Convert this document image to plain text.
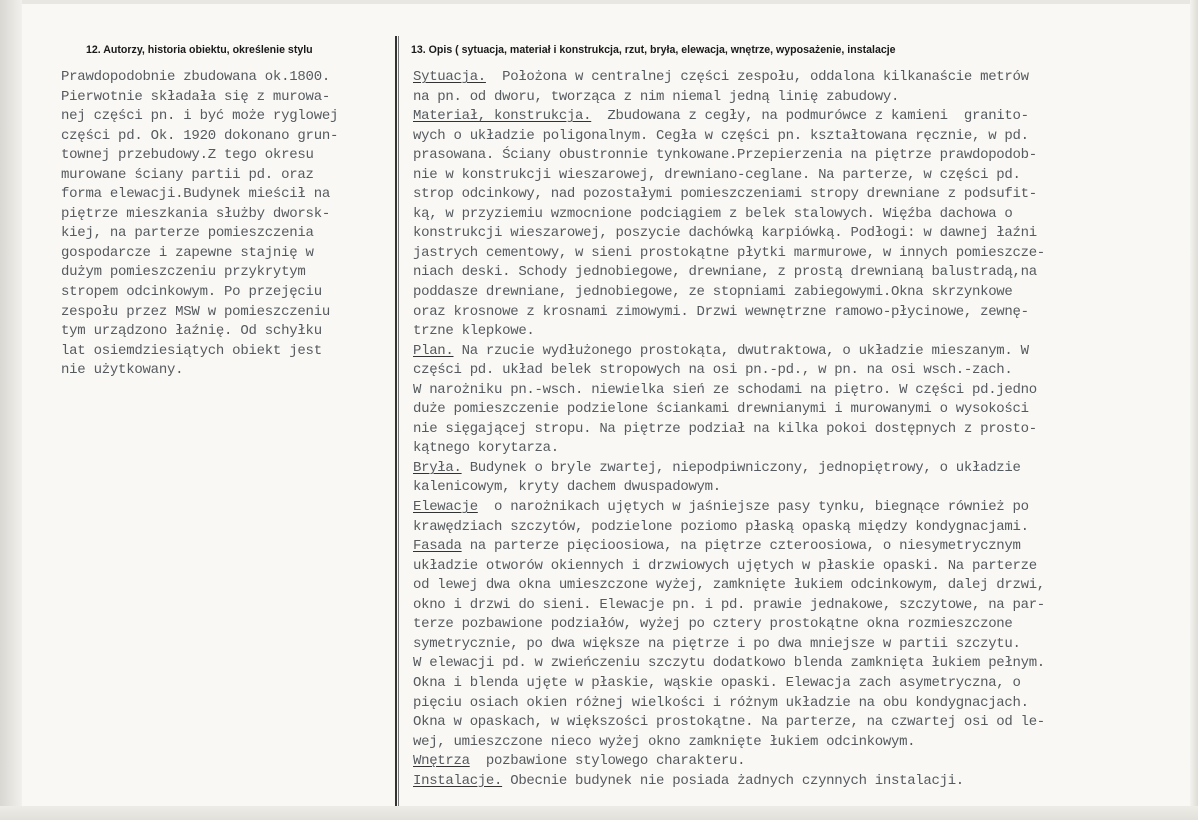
12. Autorzy, historia obiektu, określenie stylu	13. Opis ( sytuacja, materiał i konstrukcja, rzut, bryła, elewacja, wnętrze, wyposażenie, instalacje
Prawdopodobnie zbudowana ok.1800.
Pierwotnie składała się z murowa-
nej części pn. i być może ryglowej
części pd. Ok. 1920 dokonano grun-
townej przebudowy.Z tego okresu
murowane ściany partii pd. oraz
forma elewacji.Budynek mieścił na
piętrze mieszkania służby dworsk-
kiej, na parterze pomieszczenia
gospodarcze i zapewne stajnię w
dużym pomieszczeniu przykrytym
stropem odcinkowym. Po przejęciu
zespołu przez MSW w pomieszczeniu
tym urządzono łaźnię. Od schyłku
lat osiemdziesiątych obiekt jest
nie użytkowany.
Sytuacja.  Położona w centralnej części zespołu, oddalona kilkanaście metrów
na pn. od dworu, tworząca z nim niemal jedną linię zabudowy.
Materiał, konstrukcja.  Zbudowana z cegły, na podmurówce z kamieni  granito-
wych o układzie poligonalnym. Cegła w części pn. kształtowana ręcznie, w pd.
prasowana. Ściany obustronnie tynkowane.Przepierzenia na piętrze prawdopodob-
nie w konstrukcji wieszarowej, drewniano-ceglane. Na parterze, w części pd.
strop odcinkowy, nad pozostałymi pomieszczeniami stropy drewniane z podsufit-
ką, w przyziemiu wzmocnione podciągiem z belek stalowych. Więźba dachowa o
konstrukcji wieszarowej, poszycie dachówką karpiówką. Podłogi: w dawnej łaźni
jastrych cementowy, w sieni prostokątne płytki marmurowe, w innych pomieszcze-
niach deski. Schody jednobiegowe, drewniane, z prostą drewnianą balustradą,na
poddasze drewniane, jednobiegowe, ze stopniami zabiegowymi.Okna skrzynkowe
oraz krosnowe z krosnami zimowymi. Drzwi wewnętrzne ramowo-płycinowe, zewnę-
trzne klepkowe.
Plan. Na rzucie wydłużonego prostokąta, dwutraktowa, o układzie mieszanym. W
części pd. układ belek stropowych na osi pn.-pd., w pn. na osi wsch.-zach.
W narożniku pn.-wsch. niewielka sień ze schodami na piętro. W części pd.jedno
duże pomieszczenie podzielone ściankami drewnianymi i murowanymi o wysokości
nie sięgającej stropu. Na piętrze podział na kilka pokoi dostępnych z prosto-
kątnego korytarza.
Bryła. Budynek o bryle zwartej, niepodpiwniczony, jednopiętrowy, o układzie
kalenicowym, kryty dachem dwuspadowym.
Elewacje  o narożnikach ujętych w jaśniejsze pasy tynku, biegnące również po
krawędziach szczytów, podzielone poziomo płaską opaską między kondygnacjami.
Fasada na parterze pięcioosiowa, na piętrze czteroosiowa, o niesymetrycznym
układzie otworów okiennych i drzwiowych ujętych w płaskie opaski. Na parterze
od lewej dwa okna umieszczone wyżej, zamknięte łukiem odcinkowym, dalej drzwi,
okno i drzwi do sieni. Elewacje pn. i pd. prawie jednakowe, szczytowe, na par-
terze pozbawione podziałów, wyżej po cztery prostokątne okna rozmieszczone
symetrycznie, po dwa większe na piętrze i po dwa mniejsze w partii szczytu.
W elewacji pd. w zwieńczeniu szczytu dodatkowo blenda zamknięta łukiem pełnym.
Okna i blenda ujęte w płaskie, wąskie opaski. Elewacja zach asymetryczna, o
pięciu osiach okien różnej wielkości i różnym układzie na obu kondygnacjach.
Okna w opaskach, w większości prostokątne. Na parterze, na czwartej osi od le-
wej, umieszczone nieco wyżej okno zamknięte łukiem odcinkowym.
Wnętrza  pozbawione stylowego charakteru.
Instalacje. Obecnie budynek nie posiada żadnych czynnych instalacji.
